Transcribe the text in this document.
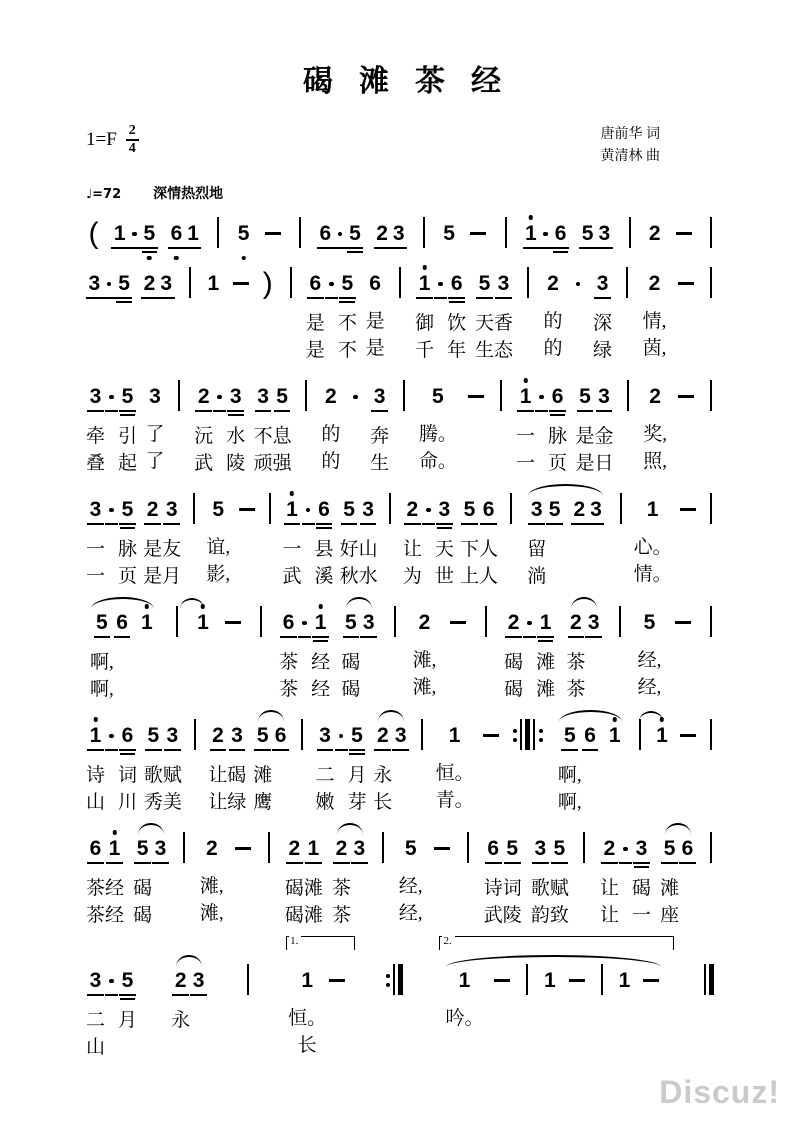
碣滩茶经
1=F 2
4
唐前华 词
黄清林 曲
♩=72 深情热烈地
( 1 5 6 1 5	6 5 2 3 5	1 6 5 3 2
3 5 2 3 1 ) 6
是
是
5
不
不
6
是
是
1
御
千
6
饮
年
5
天
生
3
香
态
2
的
的
3
深
绿
2
情,
茵,
3
牵
叠
5
引
起
3
了
了
2
沅
武
3
水
陵
3
不
顽
5
息
强
2
的
的
3
奔
生
5
腾。
命。
1
一
一
6
脉
页
5
是
是
3
金
日
2
奖,
照,
3
一
一
5
脉
页
2
是
是
3
友
月
5
谊,
影,
1
一
武
6
县
溪
5
好
秋
3
山
水
2
让
为
3
天
世
5
下
上
6
人
人
3
留
淌
5 2 3 1
心。
情。
5
啊,
啊,
6 1 1	6
茶
茶
1
经
经
5
碣
碣
3 2
滩,
滩,
2
碣
碣
1
滩
滩
2
茶
茶
3 5
经,
经,
1
诗
山
6
词
川
5
歌
秀
3
赋
美
2
让
让
3
碣
绿
5
滩
鹰
6 3
二
嫩
5
月
芽
2
永
长
3 1
恒。
青。
5
啊,
啊,
6 1 1
6
茶
茶
1
经
经
5
碣
碣
3 2
滩,
滩,
2
碣
碣
1
滩
滩
2
茶
茶
3 5
经,
经,
6
诗
武
5
词
陵
3
歌
韵
5
赋
致
2
让
让
3
碣
一
5
滩
座
6
3
二
山
5
月
2
永
3	1
恒。
长
1.
1
吟。
1	1
2.
Discuz!
